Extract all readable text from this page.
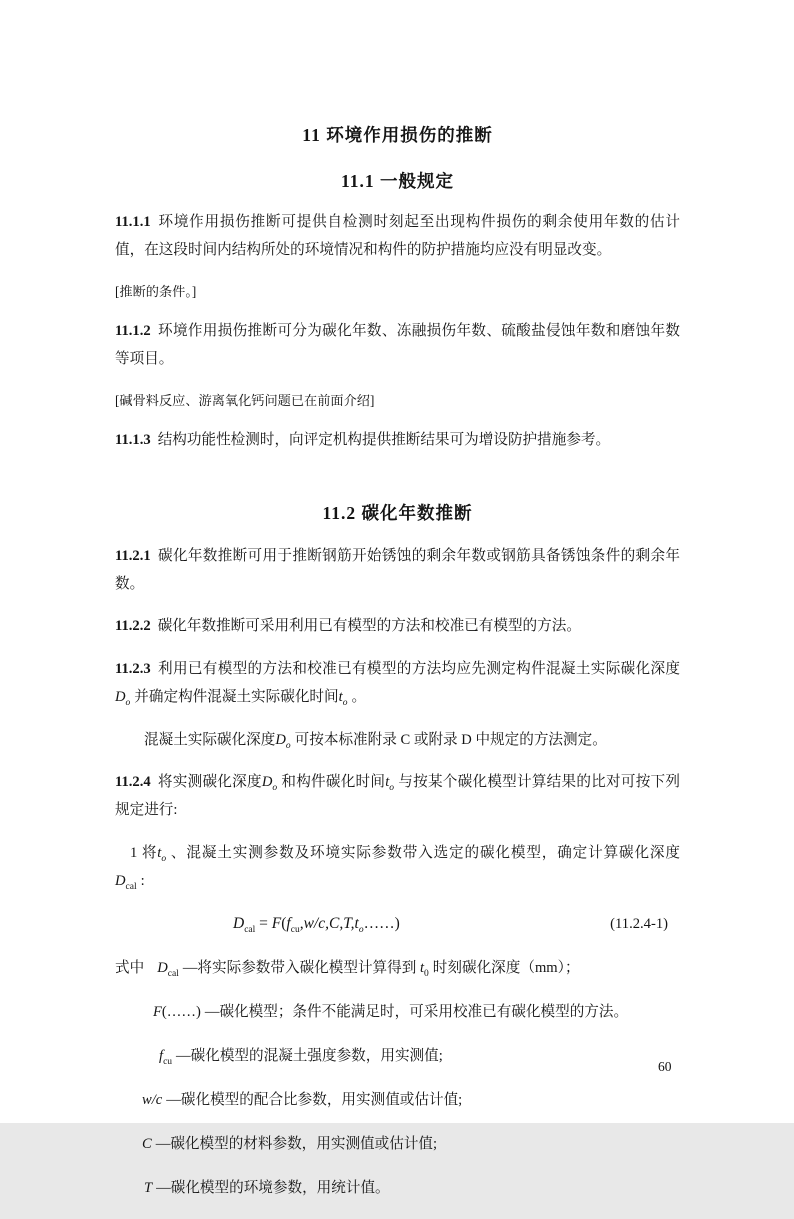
11 环境作用损伤的推断
11.1 一般规定

11.1.1 环境作用损伤推断可提供自检测时刻起至出现构件损伤的剩余使用年数的估计值，在这段时间内结构所处的环境情况和构件的防护措施均应没有明显改变。

[推断的条件。]

11.1.2 环境作用损伤推断可分为碳化年数、冻融损伤年数、硫酸盐侵蚀年数和磨蚀年数等项目。

[碱骨料反应、游离氧化钙问题已在前面介绍]

11.1.3 结构功能性检测时，向评定机构提供推断结果可为增设防护措施参考。

11.2 碳化年数推断

11.2.1 碳化年数推断可用于推断钢筋开始锈蚀的剩余年数或钢筋具备锈蚀条件的剩余年数。

11.2.2 碳化年数推断可采用利用已有模型的方法和校准已有模型的方法。

11.2.3 利用已有模型的方法和校准已有模型的方法均应先测定构件混凝土实际碳化深度$D_o$ 并确定构件混凝土实际碳化时间$t_o$ 。

混凝土实际碳化深度$D_o$ 可按本标准附录 C 或附录 D 中规定的方法测定。

11.2.4 将实测碳化深度$D_o$ 和构件碳化时间$t_o$ 与按某个碳化模型计算结果的比对可按下列规定进行:

1 将$t_o$ 、混凝土实测参数及环境实际参数带入选定的碳化模型，确定计算碳化深度 $D_{cal}$ :

$D_{cal}$ = $F(f_{cu},w/c,C,T,t_o\dots\dots)$	(11.2.4-1)

式中 $D_{cal}$ —将实际参数带入碳化模型计算得到 $t_0$ 时刻碳化深度（mm）；

F(……) —碳化模型；条件不能满足时，可采用校准已有碳化模型的方法。

$f_{cu}$ —碳化模型的混凝土强度参数，用实测值;

w/c —碳化模型的配合比参数，用实测值或估计值;

C —碳化模型的材料参数，用实测值或估计值;

T —碳化模型的环境参数，用统计值。

60
